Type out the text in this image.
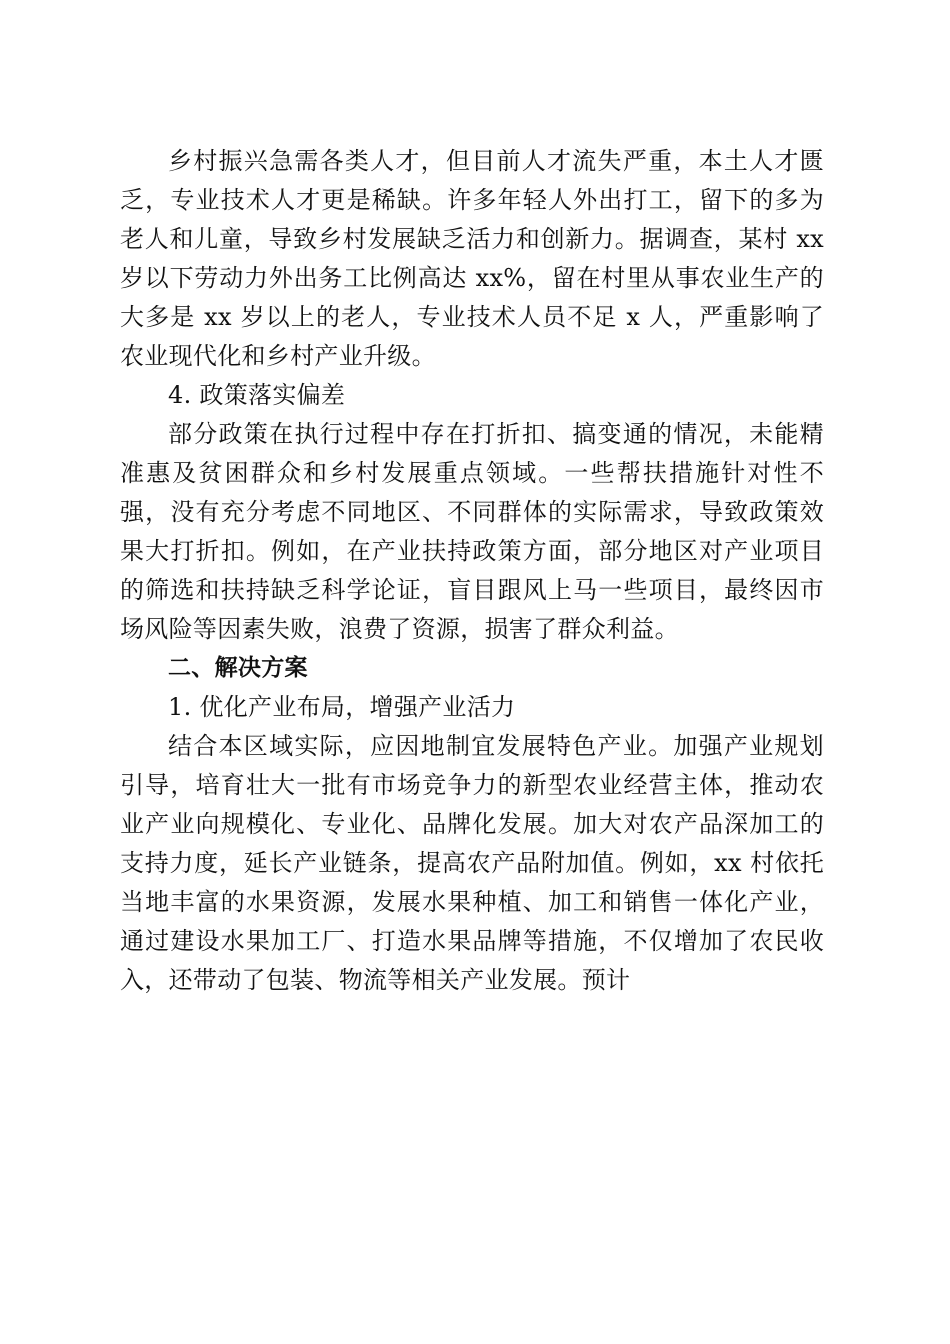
乡村振兴急需各类人才，但目前人才流失严重，本土人才匮乏，专业技术人才更是稀缺。许多年轻人外出打工，留下的多为老人和儿童，导致乡村发展缺乏活力和创新力。据调查，某村 xx 岁以下劳动力外出务工比例高达 xx%，留在村里从事农业生产的大多是 xx 岁以上的老人，专业技术人员不足 x 人，严重影响了农业现代化和乡村产业升级。

4. 政策落实偏差

部分政策在执行过程中存在打折扣、搞变通的情况，未能精准惠及贫困群众和乡村发展重点领域。一些帮扶措施针对性不强，没有充分考虑不同地区、不同群体的实际需求，导致政策效果大打折扣。例如，在产业扶持政策方面，部分地区对产业项目的筛选和扶持缺乏科学论证，盲目跟风上马一些项目，最终因市场风险等因素失败，浪费了资源，损害了群众利益。

二、解决方案

1. 优化产业布局，增强产业活力

结合本区域实际，应因地制宜发展特色产业。加强产业规划引导，培育壮大一批有市场竞争力的新型农业经营主体，推动农业产业向规模化、专业化、品牌化发展。加大对农产品深加工的支持力度，延长产业链条，提高农产品附加值。例如，xx 村依托当地丰富的水果资源，发展水果种植、加工和销售一体化产业，通过建设水果加工厂、打造水果品牌等措施，不仅增加了农民收入，还带动了包装、物流等相关产业发展。预计
